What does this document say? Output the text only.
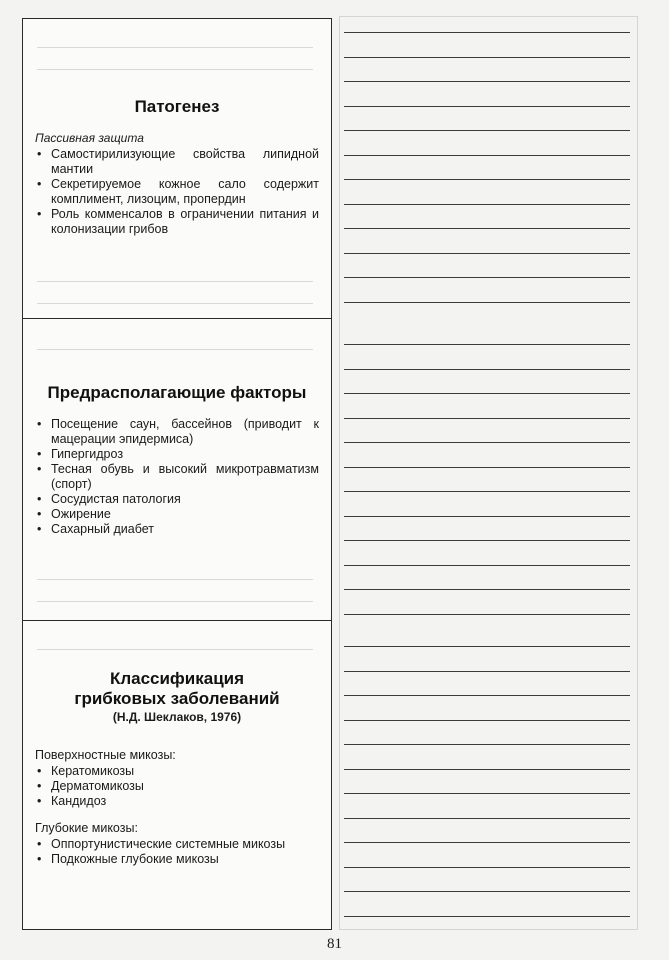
Патогенез
Пассивная защита
• Самостирилизующие свойства липидной мантии
• Секретируемое кожное сало содержит комплимент, лизоцим, пропердин
• Роль комменсалов в ограничении питания и колонизации грибов
Предрасполагающие факторы
• Посещение саун, бассейнов (приводит к мацерации эпидермиса)
• Гипергидроз
• Тесная обувь и высокий микротравматизм (спорт)
• Сосудистая патология
• Ожирение
• Сахарный диабет
Классификация
грибковых заболеваний
(Н.Д. Шеклаков, 1976)
Поверхностные микозы:
• Кератомикозы
• Дерматомикозы
• Кандидоз
Глубокие микозы:
• Оппортунистические системные микозы
• Подкожные глубокие микозы
81
